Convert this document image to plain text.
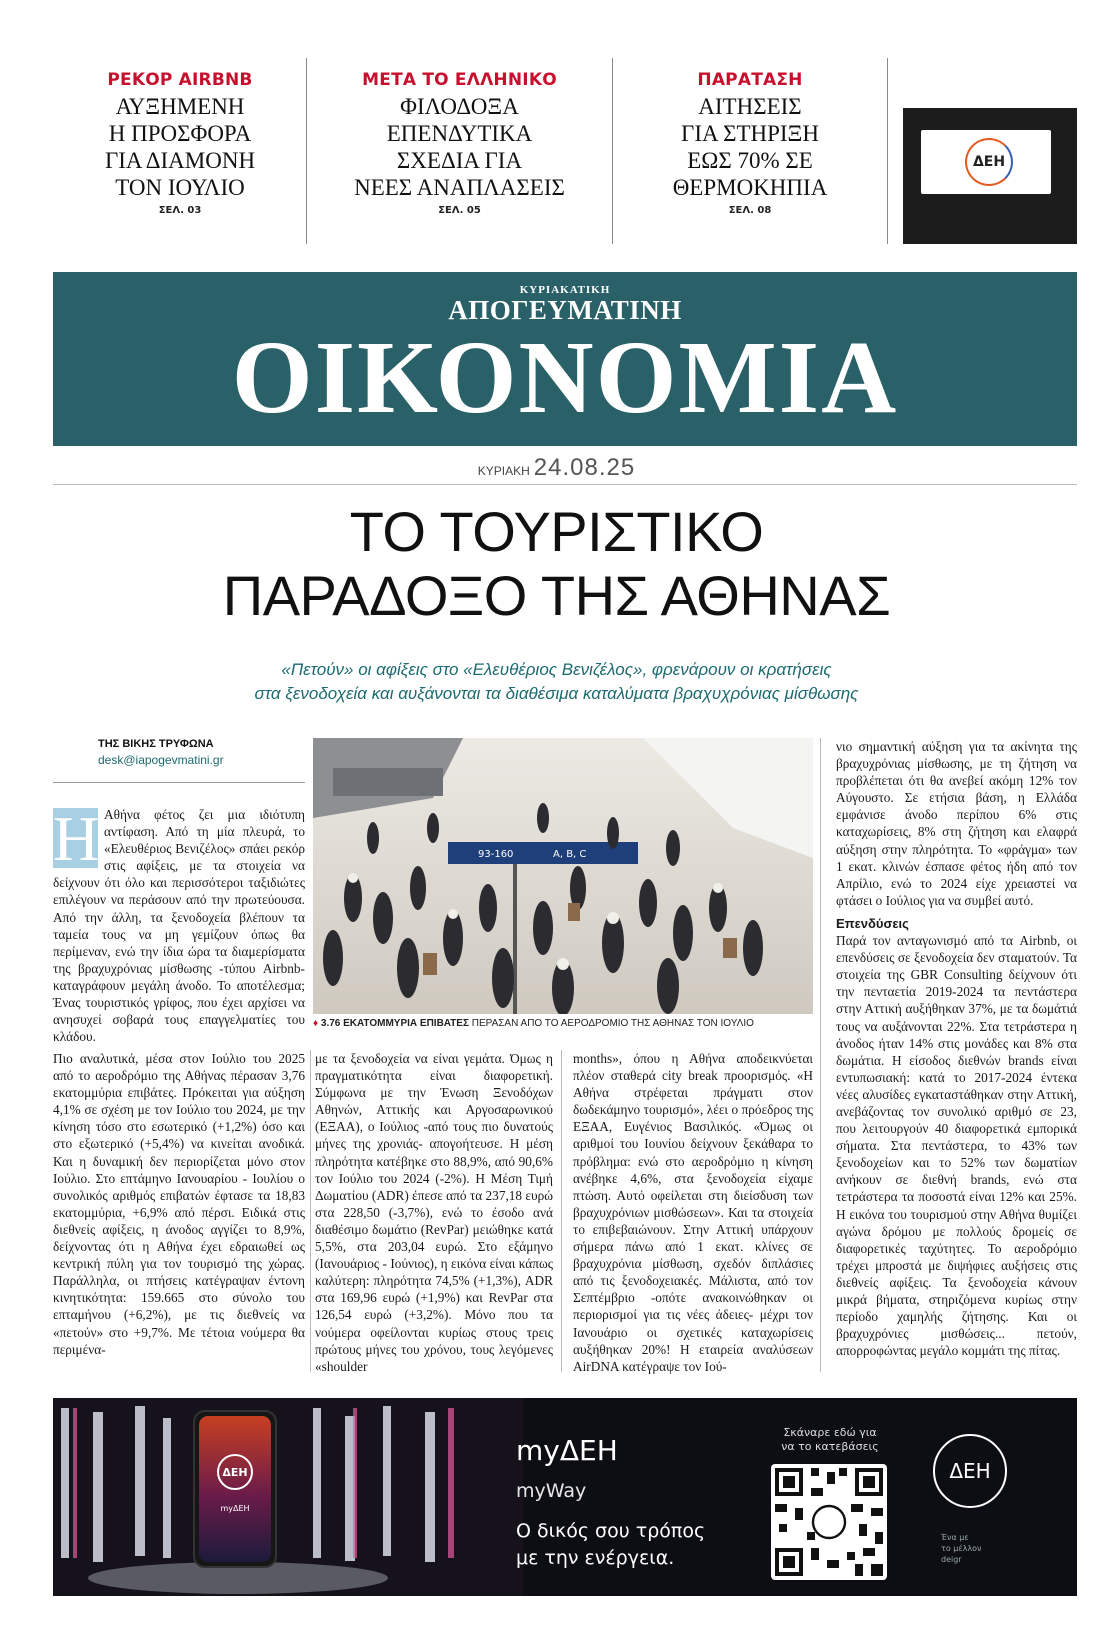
ΡΕΚΟΡ AIRBNB
ΑΥΞΗΜΕΝΗ
Η ΠΡΟΣΦΟΡΑ
ΓΙΑ ΔΙΑΜΟΝΗ
ΤΟΝ ΙΟΥΛΙΟ
ΣΕΛ. 03
ΜΕΤΑ ΤΟ ΕΛΛΗΝΙΚΟ
ΦΙΛΟΔΟΞΑ
ΕΠΕΝΔΥΤΙΚΑ
ΣΧΕΔΙΑ ΓΙΑ
ΝΕΕΣ ΑΝΑΠΛΑΣΕΙΣ
ΣΕΛ. 05
ΠΑΡΑΤΑΣΗ
ΑΙΤΗΣΕΙΣ
ΓΙΑ ΣΤΗΡΙΞΗ
ΕΩΣ 70% ΣΕ
ΘΕΡΜΟΚΗΠΙΑ
ΣΕΛ. 08
ΔΕΗ
ΚΥΡΙΑΚΑΤΙΚΗ
ΑΠΟΓΕΥΜΑΤΙΝΗ
ΟΙΚΟΝΟΜΙΑ
ΚΥΡΙΑΚΗ 24.08.25
ΤΟ ΤΟΥΡΙΣΤΙΚΟ
ΠΑΡΑΔΟΞΟ ΤΗΣ ΑΘΗΝΑΣ
«Πετούν» οι αφίξεις στο «Ελευθέριος Βενιζέλος», φρενάρουν οι κρατήσεις
στα ξενοδοχεία και αυξάνονται τα διαθέσιμα καταλύματα βραχυχρόνιας μίσθωσης
ΤΗΣ ΒΙΚΗΣ ΤΡΥΦΩΝΑ
desk@iapogevmatini.gr
Η Αθήνα φέτος ζει μια ιδιότυπη αντίφαση. Από τη μία πλευρά, το «Ελευθέριος Βενιζέλος» σπάει ρεκόρ στις αφίξεις, με τα στοιχεία να δείχνουν ότι όλο και περισσότεροι ταξιδιώτες επιλέγουν να περάσουν από την πρωτεύουσα. Από την άλλη, τα ξενοδοχεία βλέπουν τα ταμεία τους να μη γεμίζουν όπως θα περίμεναν, ενώ την ίδια ώρα τα διαμερίσματα της βραχυχρόνιας μίσθωσης -τύπου Airbnb- καταγράφουν μεγάλη άνοδο. Το αποτέλεσμα; Ένας τουριστικός γρίφος, που έχει αρχίσει να ανησυχεί σοβαρά τους επαγγελματίες του κλάδου.

Πιο αναλυτικά, μέσα στον Ιούλιο του 2025 από το αεροδρόμιο της Αθήνας πέρασαν 3,76 εκατομμύρια επιβάτες. Πρόκειται για αύξηση 4,1% σε σχέση με τον Ιούλιο του 2024, με την κίνηση τόσο στο εσωτερικό (+1,2%) όσο και στο εξωτερικό (+5,4%) να κινείται ανοδικά. Και η δυναμική δεν περιορίζεται μόνο στον Ιούλιο. Στο επτάμηνο Ιανουαρίου - Ιουλίου ο συνολικός αριθμός επιβατών έφτασε τα 18,83 εκατομμύρια, +6,9% από πέρσι. Ειδικά στις διεθνείς αφίξεις, η άνοδος αγγίζει το 8,9%, δείχνοντας ότι η Αθήνα έχει εδραιωθεί ως κεντρική πύλη για τον τουρισμό της χώρας. Παράλληλα, οι πτήσεις κατέγραψαν έντονη κινητικότητα: 159.665 στο σύνολο του επταμήνου (+6,2%), με τις διεθνείς να «πετούν» στο +9,7%. Με τέτοια νούμερα θα περιμένα-

με τα ξενοδοχεία να είναι γεμάτα. Όμως η πραγματικότητα είναι διαφορετική. Σύμφωνα με την Ένωση Ξενοδόχων Αθηνών, Αττικής και Αργοσαρωνικού (ΕΞΑΑ), ο Ιούλιος -από τους πιο δυνατούς μήνες της χρονιάς- απογοήτευσε. Η μέση πληρότητα κατέβηκε στο 88,9%, από 90,6% τον Ιούλιο του 2024 (-2%). Η Μέση Τιμή Δωματίου (ADR) έπεσε από τα 237,18 ευρώ στα 228,50 (-3,7%), ενώ το έσοδο ανά διαθέσιμο δωμάτιο (RevPar) μειώθηκε κατά 5,5%, στα 203,04 ευρώ. Στο εξάμηνο (Ιανουάριος - Ιούνιος), η εικόνα είναι κάπως καλύτερη: πληρότητα 74,5% (+1,3%), ADR στα 169,96 ευρώ (+1,9%) και RevPar στα 126,54 ευρώ (+3,2%). Μόνο που τα νούμερα οφείλονται κυρίως στους τρεις πρώτους μήνες του χρόνου, τους λεγόμενες «shoulder

months», όπου η Αθήνα αποδεικνύεται πλέον σταθερά city break προορισμός. «Η Αθήνα στρέφεται πράγματι στον δωδεκάμηνο τουρισμό», λέει ο πρόεδρος της ΕΞΑΑ, Ευγένιος Βασιλικός. «Όμως οι αριθμοί του Ιουνίου δείχνουν ξεκάθαρα το πρόβλημα: ενώ στο αεροδρόμιο η κίνηση ανέβηκε 4,6%, στα ξενοδοχεία είχαμε πτώση. Αυτό οφείλεται στη διείσδυση των βραχυχρόνιων μισθώσεων». Και τα στοιχεία το επιβεβαιώνουν. Στην Αττική υπάρχουν σήμερα πάνω από 1 εκατ. κλίνες σε βραχυχρόνια μίσθωση, σχεδόν διπλάσιες από τις ξενοδοχειακές. Μάλιστα, από τον Σεπτέμβριο -οπότε ανακοινώθηκαν οι περιορισμοί για τις νέες άδειες- μέχρι τον Ιανουάριο οι σχετικές καταχωρίσεις αυξήθηκαν 20%! Η εταιρεία αναλύσεων AirDNA κατέγραψε τον Ιού-

νιο σημαντική αύξηση για τα ακίνητα της βραχυχρόνιας μίσθωσης, με τη ζήτηση να προβλέπεται ότι θα ανεβεί ακόμη 12% τον Αύγουστο. Σε ετήσια βάση, η Ελλάδα εμφάνισε άνοδο περίπου 6% στις καταχωρίσεις, 8% στη ζήτηση και ελαφρά αύξηση στην πληρότητα. Το «φράγμα» των 1 εκατ. κλινών έσπασε φέτος ήδη από τον Απρίλιο, ενώ το 2024 είχε χρειαστεί να φτάσει ο Ιούλιος για να συμβεί αυτό.

Επενδύσεις

Παρά τον ανταγωνισμό από τα Airbnb, οι επενδύσεις σε ξενοδοχεία δεν σταματούν. Τα στοιχεία της GBR Consulting δείχνουν ότι την πενταετία 2019-2024 τα πεντάστερα στην Αττική αυξήθηκαν 37%, με τα δωμάτιά τους να αυξάνονται 22%. Στα τετράστερα η άνοδος ήταν 14% στις μονάδες και 8% στα δωμάτια. Η είσοδος διεθνών brands είναι εντυπωσιακή: κατά το 2017-2024 έντεκα νέες αλυσίδες εγκαταστάθηκαν στην Αττική, ανεβάζοντας τον συνολικό αριθμό σε 23, που λειτουργούν 40 διαφορετικά εμπορικά σήματα. Στα πεντάστερα, το 43% των ξενοδοχείων και το 52% των δωματίων ανήκουν σε διεθνή brands, ενώ στα τετράστερα τα ποσοστά είναι 12% και 25%. Η εικόνα του τουρισμού στην Αθήνα θυμίζει αγώνα δρόμου με πολλούς δρομείς σε διαφορετικές ταχύτητες. Το αεροδρόμιο τρέχει μπροστά με διψήφιες αυξήσεις στις διεθνείς αφίξεις. Τα ξενοδοχεία κάνουν μικρά βήματα, στηριζόμενα κυρίως στην περίοδο χαμηλής ζήτησης. Και οι βραχυχρόνιες μισθώσεις... πετούν, απορροφώντας μεγάλο κομμάτι της πίτας.

93-160	A, B, C
♦ 3.76 ΕΚΑΤΟΜΜΥΡΙΑ ΕΠΙΒΑΤΕΣ ΠΕΡΑΣΑΝ ΑΠΟ ΤΟ ΑΕΡΟΔΡΟΜΙΟ ΤΗΣ ΑΘΗΝΑΣ ΤΟΝ ΙΟΥΛΙΟ
ΔΕΗ
myΔΕΗ
myΔΕΗ
myWay
Ο δικός σου τρόπος
με την ενέργεια.
Σκάναρε εδώ για
να το κατεβάσεις
ΔΕΗ
Ένα με
το μέλλον
deigr
